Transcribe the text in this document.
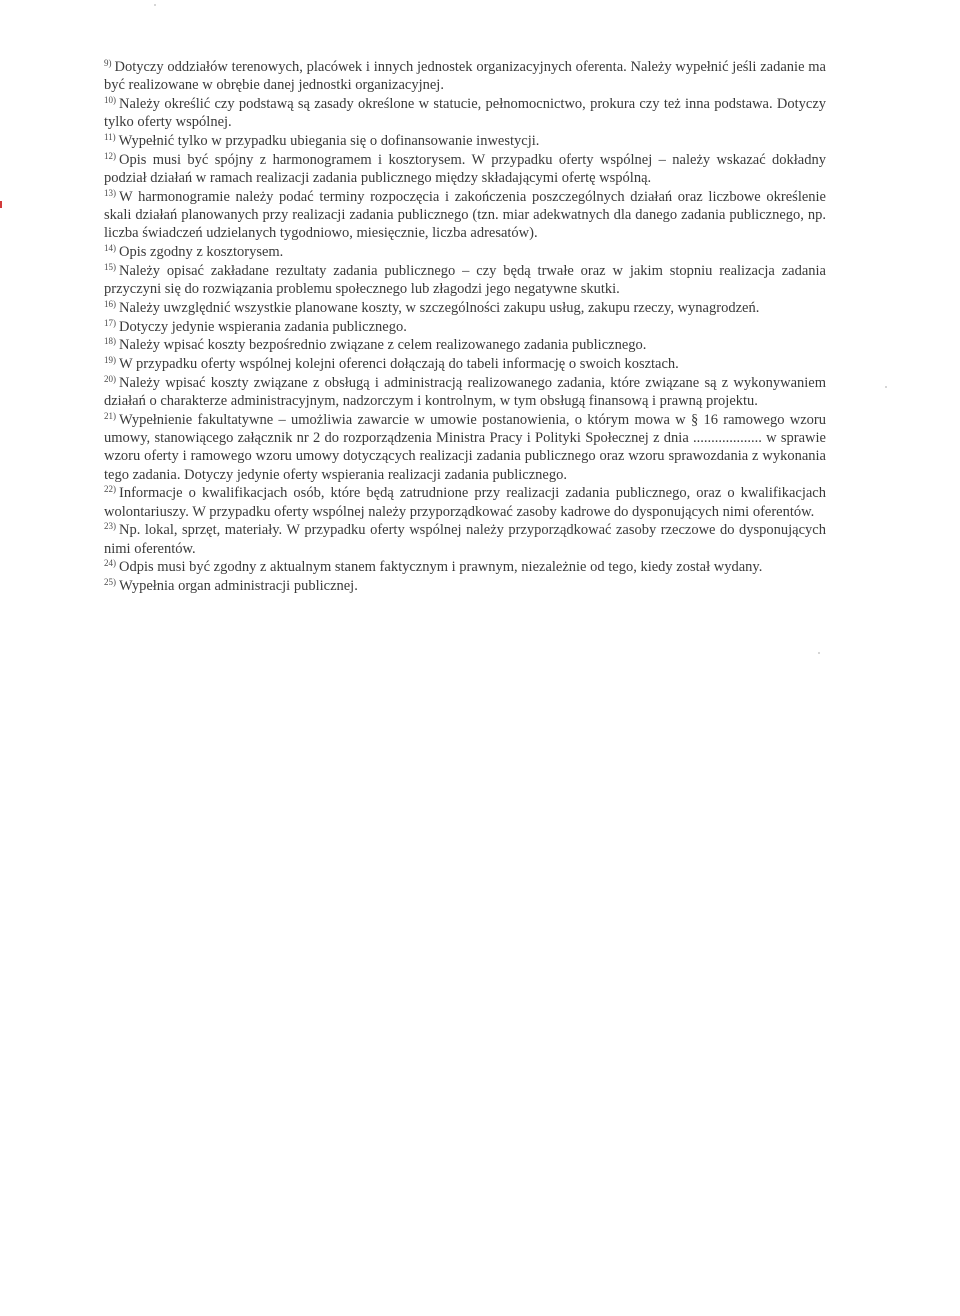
$^{9)}$ Dotyczy oddziałów terenowych, placówek i innych jednostek organizacyjnych oferenta. Należy wypełnić jeśli zadanie ma być realizowane w obrębie danej jednostki organizacyjnej.

$^{10)}$ Należy określić czy podstawą są zasady określone w statucie, pełnomocnictwo, prokura czy też inna podstawa. Dotyczy tylko oferty wspólnej.

$^{11)}$ Wypełnić tylko w przypadku ubiegania się o dofinansowanie inwestycji.

$^{12)}$ Opis musi być spójny z harmonogramem i kosztorysem. W przypadku oferty wspólnej – należy wskazać dokładny podział działań w ramach realizacji zadania publicznego między składającymi ofertę wspólną.

$^{13)}$ W harmonogramie należy podać terminy rozpoczęcia i zakończenia poszczególnych działań oraz liczbowe określenie skali działań planowanych przy realizacji zadania publicznego (tzn. miar adekwatnych dla danego zadania publicznego, np. liczba świadczeń udzielanych tygodniowo, miesięcznie, liczba adresatów).

$^{14)}$ Opis zgodny z kosztorysem.

$^{15)}$ Należy opisać zakładane rezultaty zadania publicznego – czy będą trwałe oraz w jakim stopniu realizacja zadania przyczyni się do rozwiązania problemu społecznego lub złagodzi jego negatywne skutki.

$^{16)}$ Należy uwzględnić wszystkie planowane koszty, w szczególności zakupu usług, zakupu rzeczy, wynagrodzeń.

$^{17)}$ Dotyczy jedynie wspierania zadania publicznego.

$^{18)}$ Należy wpisać koszty bezpośrednio związane z celem realizowanego zadania publicznego.

$^{19)}$ W przypadku oferty wspólnej kolejni oferenci dołączają do tabeli informację o swoich kosztach.

$^{20)}$ Należy wpisać koszty związane z obsługą i administracją realizowanego zadania, które związane są z wykonywaniem działań o charakterze administracyjnym, nadzorczym i kontrolnym, w tym obsługą finansową i prawną projektu.

$^{21)}$ Wypełnienie fakultatywne – umożliwia zawarcie w umowie postanowienia, o którym mowa w § 16 ramowego wzoru umowy, stanowiącego załącznik nr 2 do rozporządzenia Ministra Pracy i Polityki Społecznej z dnia ................... w sprawie wzoru oferty i ramowego wzoru umowy dotyczących realizacji zadania publicznego oraz wzoru sprawozdania z wykonania tego zadania. Dotyczy jedynie oferty wspierania realizacji zadania publicznego.

$^{22)}$ Informacje o kwalifikacjach osób, które będą zatrudnione przy realizacji zadania publicznego, oraz o kwalifikacjach wolontariuszy. W przypadku oferty wspólnej należy przyporządkować zasoby kadrowe do dysponujących nimi oferentów.

$^{23)}$ Np. lokal, sprzęt, materiały. W przypadku oferty wspólnej należy przyporządkować zasoby rzeczowe do dysponujących nimi oferentów.

$^{24)}$ Odpis musi być zgodny z aktualnym stanem faktycznym i prawnym, niezależnie od tego, kiedy został wydany.

$^{25)}$ Wypełnia organ administracji publicznej.
